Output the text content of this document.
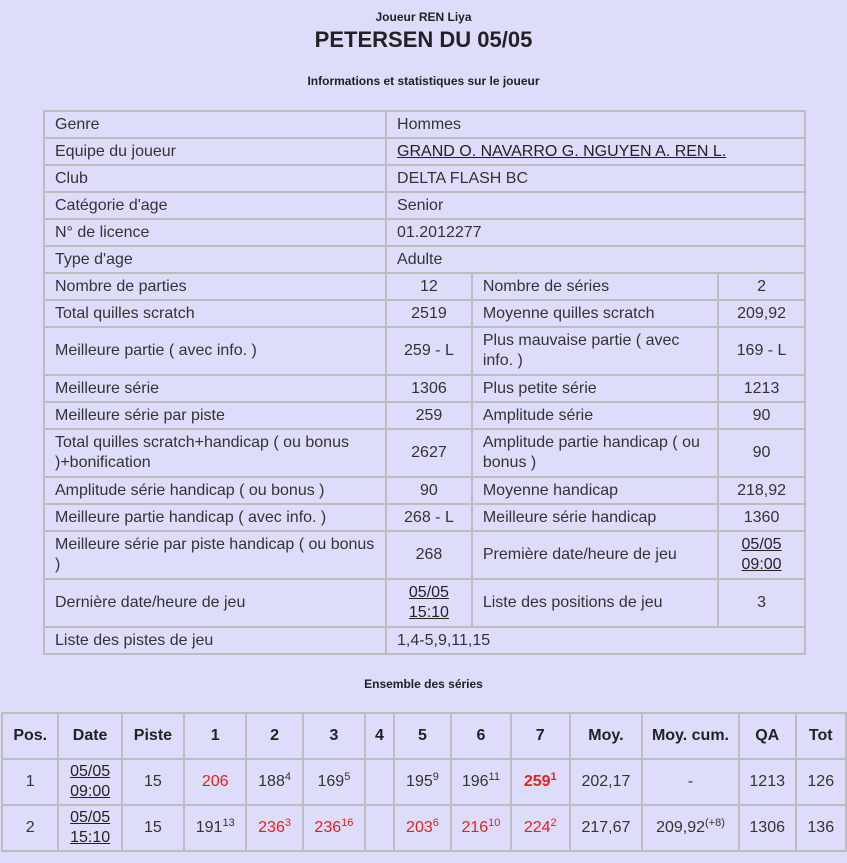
Joueur REN Liya
PETERSEN DU 05/05
Informations et statistiques sur le joueur
Genre	Hommes		
Equipe du joueur	GRAND O. NAVARRO G. NGUYEN A. REN L.		
Club	DELTA FLASH BC		
Catégorie d'age	Senior		
N° de licence	01.2012277		
Type d'age	Adulte		
Nombre de parties	12	Nombre de séries	2
Total quilles scratch	2519	Moyenne quilles scratch	209,92
Meilleure partie ( avec info. )	259 - L	Plus mauvaise partie ( avec info. )	169 - L
Meilleure série	1306	Plus petite série	1213
Meilleure série par piste	259	Amplitude série	90
Total quilles scratch+handicap ( ou bonus )+bonification	2627	Amplitude partie handicap ( ou bonus )	90
Amplitude série handicap ( ou bonus )	90	Moyenne handicap	218,92
Meilleure partie handicap ( avec info. )	268 - L	Meilleure série handicap	1360
Meilleure série par piste handicap ( ou bonus )	268	Première date/heure de jeu	05/05
09:00
Dernière date/heure de jeu	05/05
15:10	Liste des positions de jeu	3
Liste des pistes de jeu	1,4-5,9,11,15		
Ensemble des séries
Pos.	Date	Piste	1	2	3	4	5	6	7	Moy.	Moy. cum.	QA	Tot
1	05/05
09:00	15	206	$188^4$	$169^5$		$195^9$	$196^{11}$	$259^1$	202,17	-	1213	126
2	05/05
15:10	15	$191^{13}$	$236^3$	$236^{16}$		$203^6$	$216^{10}$	$224^2$	217,67	$209,92^{(+8)}$	1306	136
